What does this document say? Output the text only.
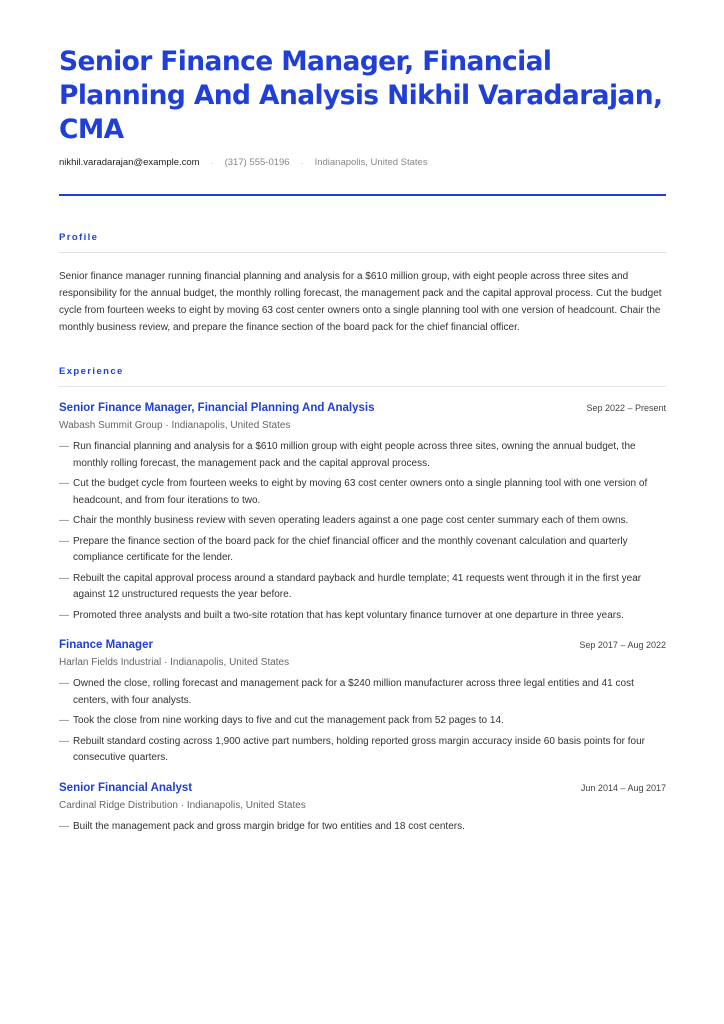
Senior Finance Manager, Financial Planning And Analysis Nikhil Varadarajan, CMA
nikhil.varadarajan@example.com · (317) 555-0196 · Indianapolis, United States
Profile

Senior finance manager running financial planning and analysis for a $610 million group, with eight people across three sites and responsibility for the annual budget, the monthly rolling forecast, the management pack and the capital approval process. Cut the budget cycle from fourteen weeks to eight by moving 63 cost center owners onto a single planning tool with one version of headcount. Chair the monthly business review, and prepare the finance section of the board pack for the chief financial officer.

Experience
Senior Finance Manager, Financial Planning And Analysis	Sep 2022 – Present
Wabash Summit Group · Indianapolis, United States
— Run financial planning and analysis for a $610 million group with eight people across three sites, owning the annual budget, the monthly rolling forecast, the management pack and the capital approval process.
— Cut the budget cycle from fourteen weeks to eight by moving 63 cost center owners onto a single planning tool with one version of headcount, and from four iterations to two.
— Chair the monthly business review with seven operating leaders against a one page cost center summary each of them owns.
— Prepare the finance section of the board pack for the chief financial officer and the monthly covenant calculation and quarterly compliance certificate for the lender.
— Rebuilt the capital approval process around a standard payback and hurdle template; 41 requests went through it in the first year against 12 unstructured requests the year before.
— Promoted three analysts and built a two-site rotation that has kept voluntary finance turnover at one departure in three years.
Finance Manager	Sep 2017 – Aug 2022
Harlan Fields Industrial · Indianapolis, United States
— Owned the close, rolling forecast and management pack for a $240 million manufacturer across three legal entities and 41 cost centers, with four analysts.
— Took the close from nine working days to five and cut the management pack from 52 pages to 14.
— Rebuilt standard costing across 1,900 active part numbers, holding reported gross margin accuracy inside 60 basis points for four consecutive quarters.
Senior Financial Analyst	Jun 2014 – Aug 2017
Cardinal Ridge Distribution · Indianapolis, United States
— Built the management pack and gross margin bridge for two entities and 18 cost centers.
